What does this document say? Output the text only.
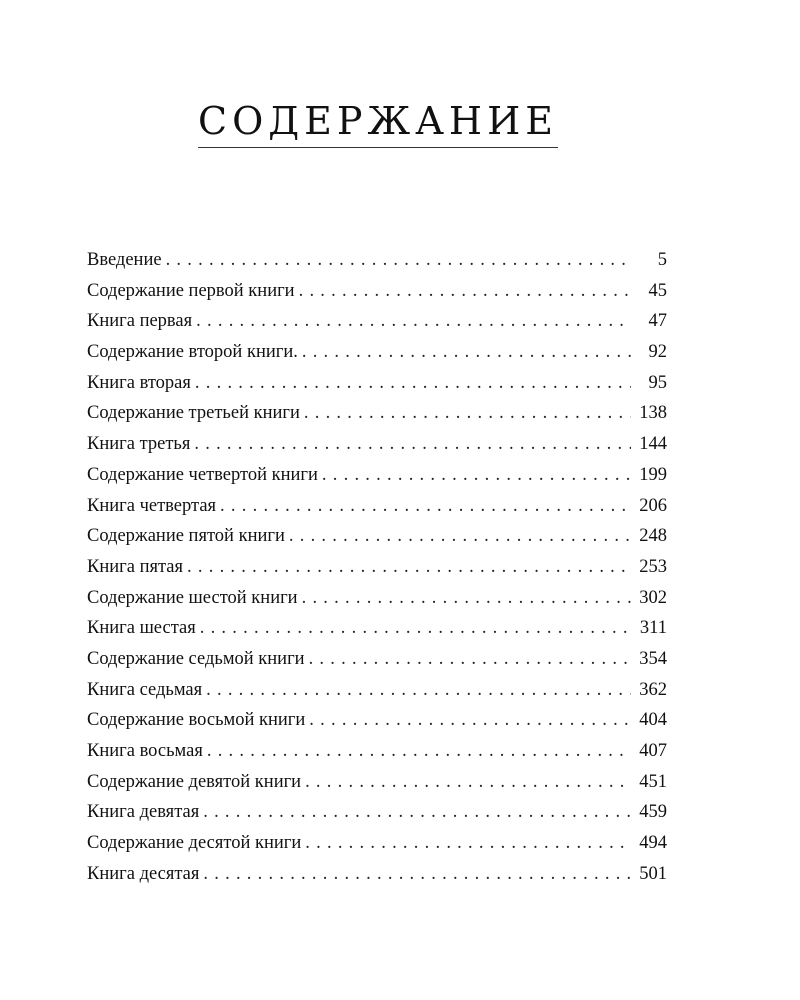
СОДЕРЖАНИЕ
Введение . . .	5
Содержание первой книги . . .	45
Книга первая . . .	47
Содержание второй книги. . . .	92
Книга вторая . . .	95
Содержание третьей книги . . .	138
Книга третья . . .	144
Содержание четвертой книги . . .	199
Книга четвертая . . .	206
Содержание пятой книги . . .	248
Книга пятая . . .	253
Содержание шестой книги . . .	302
Книга шестая . . .	311
Содержание седьмой книги . . .	354
Книга седьмая . . .	362
Содержание восьмой книги . . .	404
Книга восьмая . . .	407
Содержание девятой книги . . .	451
Книга девятая . . .	459
Содержание десятой книги . . .	494
Книга десятая . . .	501
